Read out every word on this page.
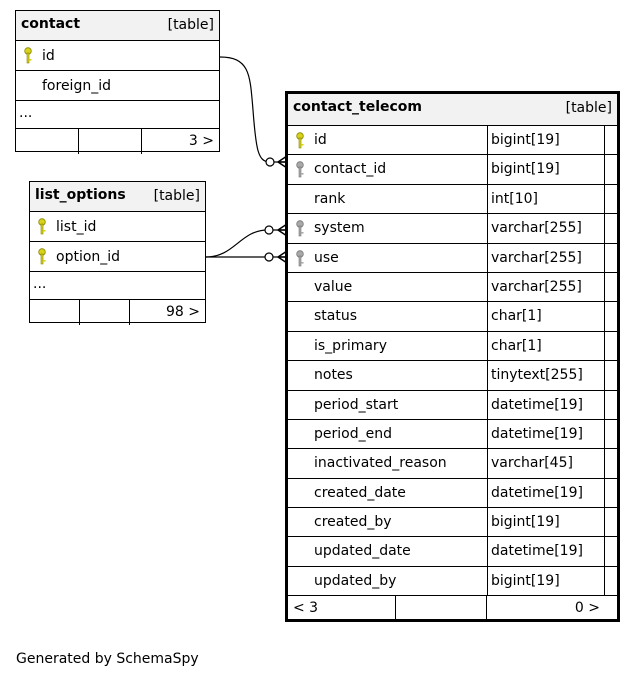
contact	[table]
id
foreign_id
...
3 >
list_options [table]
list_id
option_id
...
98 >
contact_telecom	[table]
id	bigint[19]
contact_id	bigint[19]
rank	int[10]
system	varchar[255]
use	varchar[255]
value	varchar[255]
status	char[1]
is_primary	char[1]
notes	tinytext[255]
period_start	datetime[19]
period_end	datetime[19]
inactivated_reason	varchar[45]
created_date	datetime[19]
created_by	bigint[19]
updated_date	datetime[19]
updated_by	bigint[19]
< 3	0 >
Generated by SchemaSpy
